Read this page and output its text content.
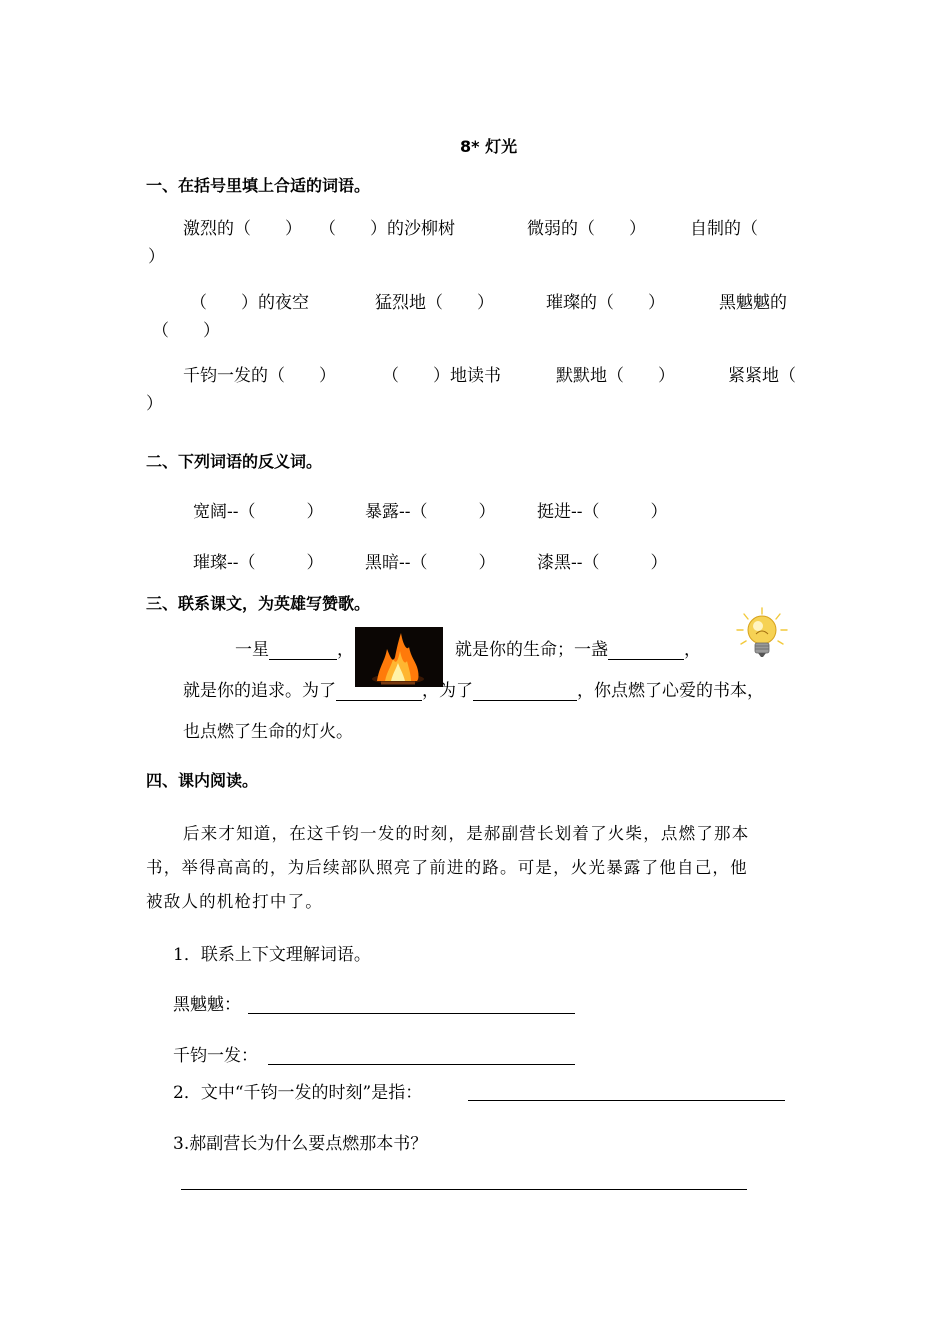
8* 灯光
一、在括号里填上合适的词语。
激烈的（　　）　　（　　）的沙柳树	微弱的（　　）	自制的（
）
（　　）的夜空	猛烈地（　　）	璀璨的（　　）	黑魆魆的
（　　）
千钧一发的（　　）	（　　）地读书	默默地（　　）	紧紧地（
）
二、下列词语的反义词。
宽阔--（　　　） 暴露--（　　　） 挺进--（　　　）
璀璨--（　　　） 黑暗--（　　　） 漆黑--（　　　）
三、联系课文，为英雄写赞歌。
一星	，	就是你的生命；一盏	，
就是你的追求。为了	，为了	，你点燃了心爱的书本，
也点燃了生命的灯火。
四、课内阅读。
后来才知道，在这千钧一发的时刻，是郝副营长划着了火柴，点燃了那本
书，举得高高的，为后续部队照亮了前进的路。可是，火光暴露了他自己，他
被敌人的机枪打中了。
1．联系上下文理解词语。
黑魆魆：
千钧一发：
2．文中“千钧一发的时刻”是指：
3.郝副营长为什么要点燃那本书？
